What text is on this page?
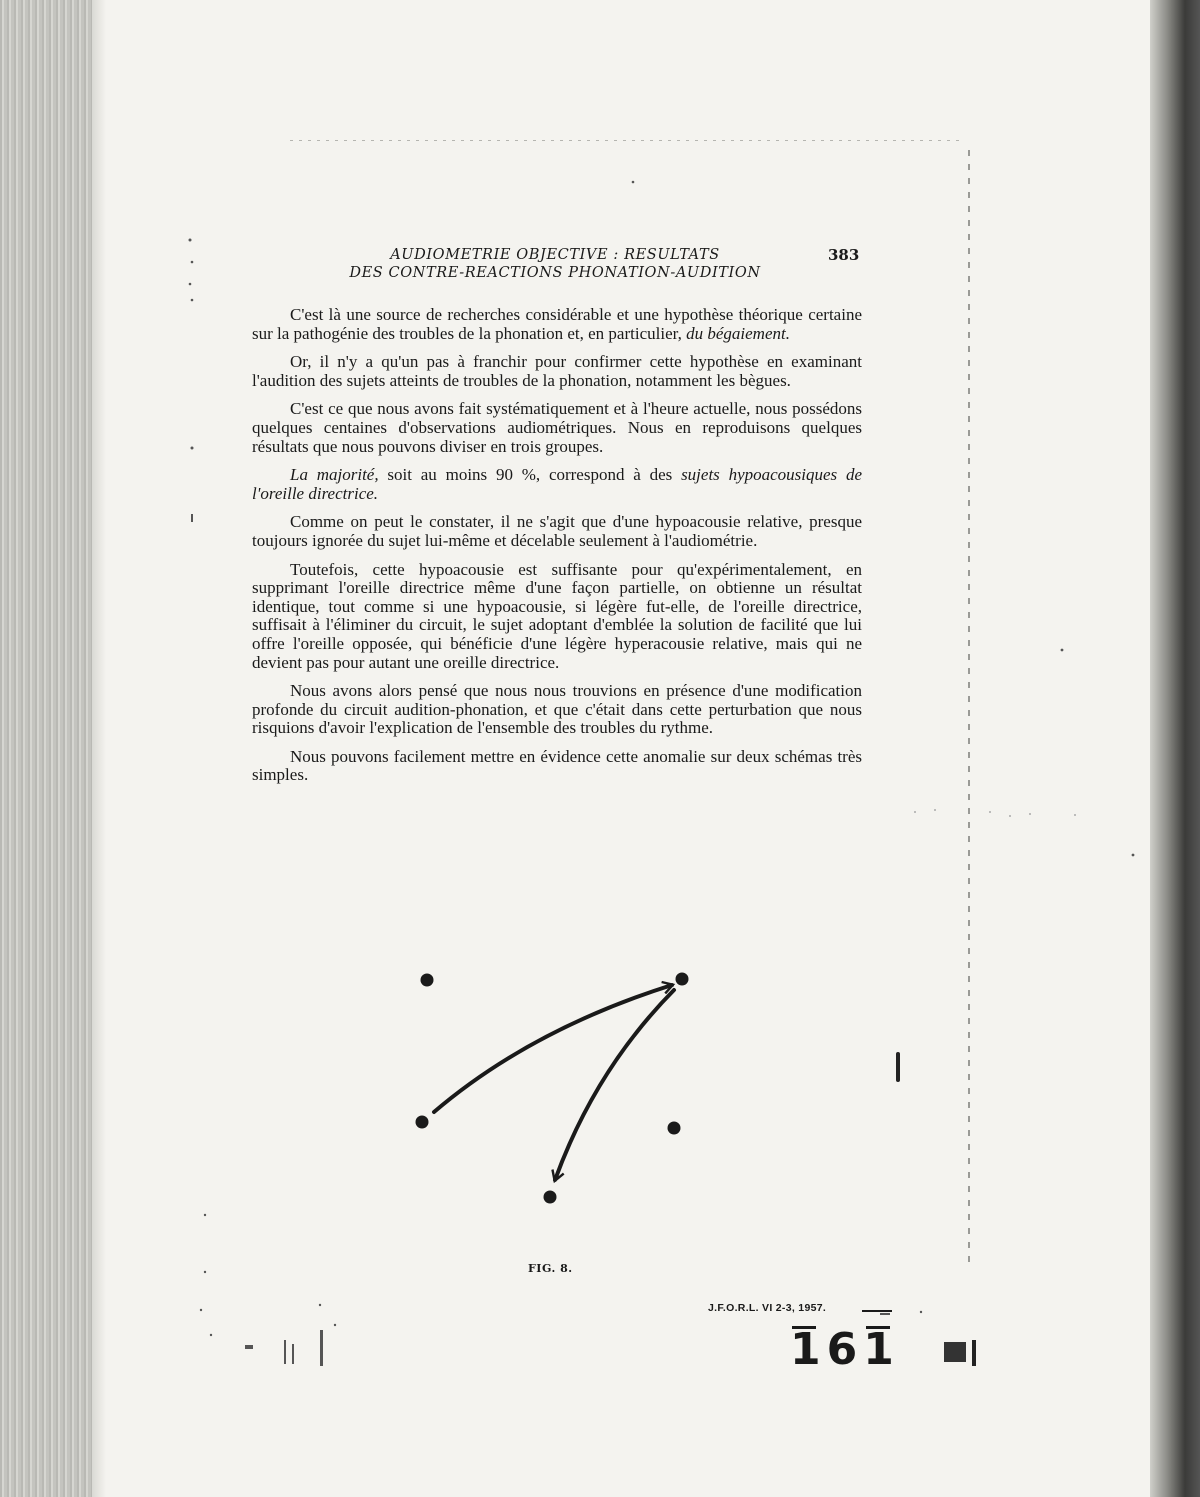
AUDIOMETRIE OBJECTIVE : RESULTATS
DES CONTRE-REACTIONS PHONATION-AUDITION
383

C'est là une source de recherches considérable et une hypothèse théorique certaine sur la pathogénie des troubles de la phonation et, en particulier, du bégaiement.

Or, il n'y a qu'un pas à franchir pour confirmer cette hypothèse en examinant l'audition des sujets atteints de troubles de la phonation, notamment les bègues.

C'est ce que nous avons fait systématiquement et à l'heure actuelle, nous possédons quelques centaines d'observations audiométriques. Nous en reproduisons quelques résultats que nous pouvons diviser en trois groupes.

La majorité, soit au moins 90 %, correspond à des sujets hypoacousiques de l'oreille directrice.

Comme on peut le constater, il ne s'agit que d'une hypoacousie relative, presque toujours ignorée du sujet lui-même et décelable seulement à l'audiométrie.

Toutefois, cette hypoacousie est suffisante pour qu'expérimentalement, en supprimant l'oreille directrice même d'une façon partielle, on obtienne un résultat identique, tout comme si une hypoacousie, si légère fut-elle, de l'oreille directrice, suffisait à l'éliminer du circuit, le sujet adoptant d'emblée la solution de facilité que lui offre l'oreille opposée, qui bénéficie d'une légère hyperacousie relative, mais qui ne devient pas pour autant une oreille directrice.

Nous avons alors pensé que nous nous trouvions en présence d'une modification profonde du circuit audition-phonation, et que c'était dans cette perturbation que nous risquions d'avoir l'explication de l'ensemble des troubles du rythme.

Nous pouvons facilement mettre en évidence cette anomalie sur deux schémas très simples.

FIG. 8.
J.F.O.R.L. VI 2-3, 1957.
161
